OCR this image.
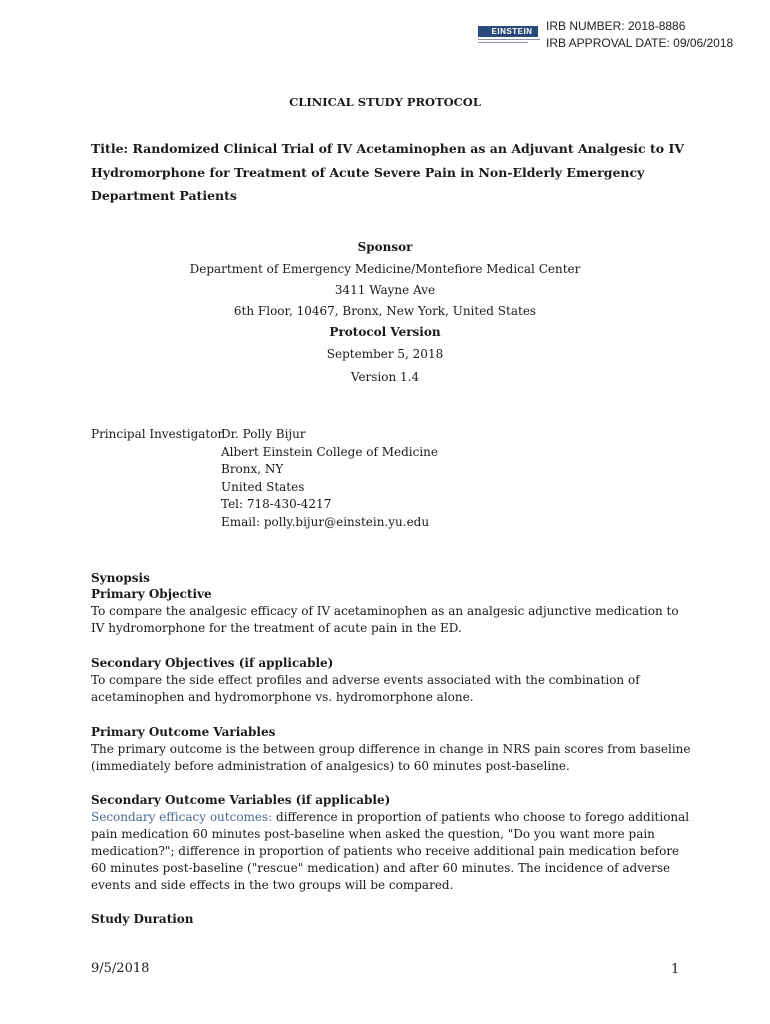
EINSTEIN	IRB NUMBER: 2018-8886
IRB APPROVAL DATE: 09/06/2018
CLINICAL STUDY PROTOCOL
Title: Randomized Clinical Trial of IV Acetaminophen as an Adjuvant Analgesic to IV Hydromorphone for Treatment of Acute Severe Pain in Non-Elderly Emergency Department Patients
Sponsor
Department of Emergency Medicine/Montefiore Medical Center
3411 Wayne Ave
6th Floor, 10467, Bronx, New York, United States
Protocol Version
September 5, 2018
Version 1.4
Principal Investigator
Dr. Polly Bijur
Albert Einstein College of Medicine
Bronx, NY
United States
Tel: 718-430-4217
Email: polly.bijur@einstein.yu.edu
Synopsis
Primary Objective
To compare the analgesic efficacy of IV acetaminophen as an analgesic adjunctive medication to IV hydromorphone for the treatment of acute pain in the ED.
Secondary Objectives (if applicable)
To compare the side effect profiles and adverse events associated with the combination of acetaminophen and hydromorphone vs. hydromorphone alone.
Primary Outcome Variables
The primary outcome is the between group difference in change in NRS pain scores from baseline (immediately before administration of analgesics) to 60 minutes post-baseline.
Secondary Outcome Variables (if applicable)
Secondary efficacy outcomes: difference in proportion of patients who choose to forego additional pain medication 60 minutes post-baseline when asked the question, "Do you want more pain medication?"; difference in proportion of patients who receive additional pain medication before 60 minutes post-baseline ("rescue" medication) and after 60 minutes. The incidence of adverse events and side effects in the two groups will be compared.
Study Duration
9/5/2018	1
